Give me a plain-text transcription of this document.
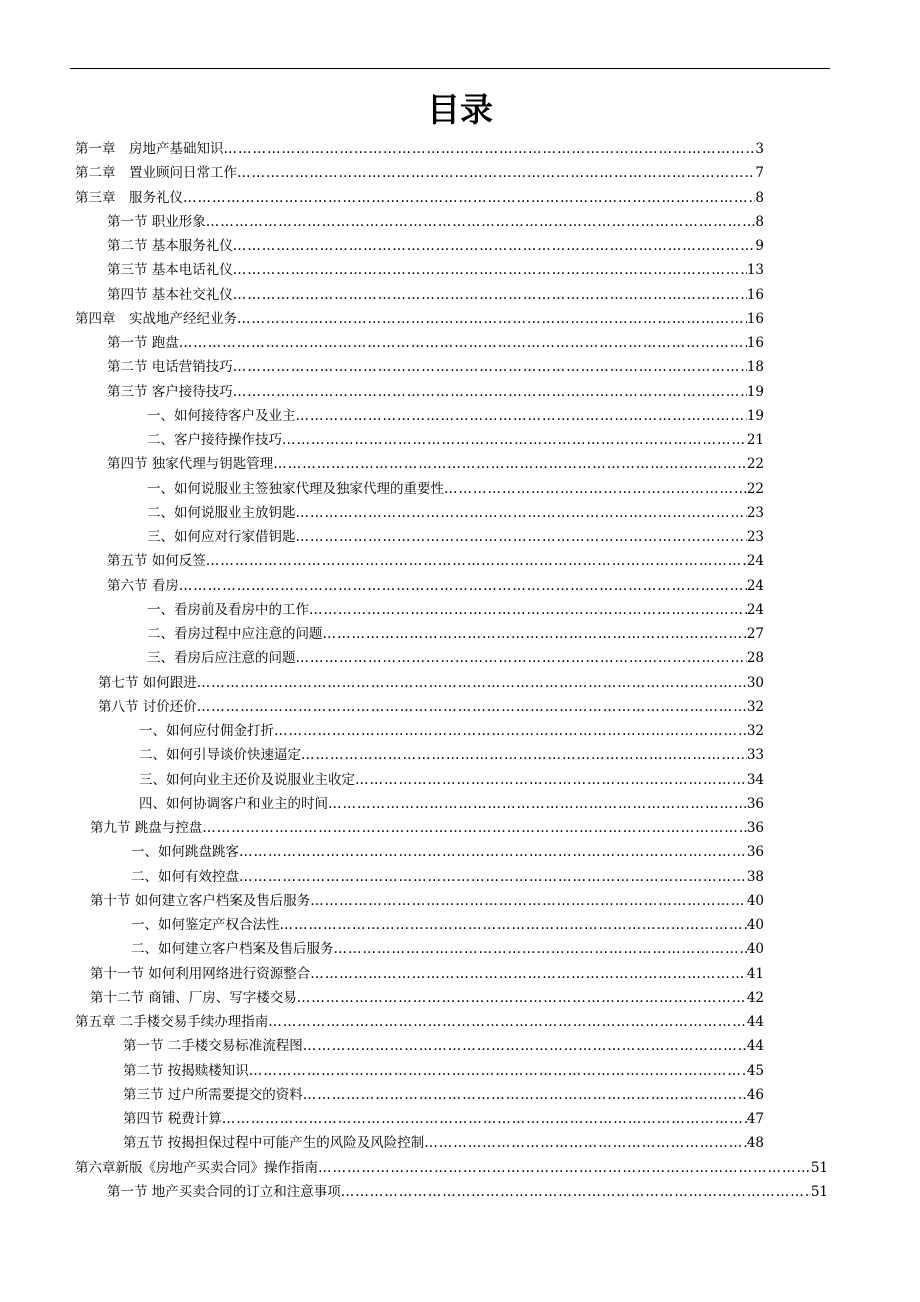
目录
第一章　房地产基础知识 ………………………………………………………………………………………………………………………………………………………………………………………………………………………………………………………………	3
第二章　置业顾问日常工作 ………………………………………………………………………………………………………………………………………………………………………………………………………………………………………………………………	7
第三章　服务礼仪 ………………………………………………………………………………………………………………………………………………………………………………………………………………………………………………………………	8
第一节 职业形象 ………………………………………………………………………………………………………………………………………………………………………………………………………………………………………………………………	8
第二节 基本服务礼仪 ………………………………………………………………………………………………………………………………………………………………………………………………………………………………………………………………	9
第三节 基本电话礼仪 ………………………………………………………………………………………………………………………………………………………………………………………………………………………………………………………………	13
第四节 基本社交礼仪 ………………………………………………………………………………………………………………………………………………………………………………………………………………………………………………………………	16
第四章　实战地产经纪业务 ………………………………………………………………………………………………………………………………………………………………………………………………………………………………………………………………	16
第一节 跑盘 ………………………………………………………………………………………………………………………………………………………………………………………………………………………………………………………………	16
第二节 电话营销技巧 ………………………………………………………………………………………………………………………………………………………………………………………………………………………………………………………………	18
第三节 客户接待技巧 ………………………………………………………………………………………………………………………………………………………………………………………………………………………………………………………………	19
一、如何接待客户及业主 ………………………………………………………………………………………………………………………………………………………………………………………………………………………………………………………………	19
二、客户接待操作技巧 ………………………………………………………………………………………………………………………………………………………………………………………………………………………………………………………………	21
第四节 独家代理与钥匙管理 ………………………………………………………………………………………………………………………………………………………………………………………………………………………………………………………………	22
一、如何说服业主签独家代理及独家代理的重要性 ………………………………………………………………………………………………………………………………………………………………………………………………………………………………………………………………	22
二、如何说服业主放钥匙 ………………………………………………………………………………………………………………………………………………………………………………………………………………………………………………………………	23
三、如何应对行家借钥匙 ………………………………………………………………………………………………………………………………………………………………………………………………………………………………………………………………	23
第五节 如何反签 ………………………………………………………………………………………………………………………………………………………………………………………………………………………………………………………………	24
第六节 看房 ………………………………………………………………………………………………………………………………………………………………………………………………………………………………………………………………	24
一、看房前及看房中的工作 ………………………………………………………………………………………………………………………………………………………………………………………………………………………………………………………………	24
二、看房过程中应注意的问题 ………………………………………………………………………………………………………………………………………………………………………………………………………………………………………………………………	27
三、看房后应注意的问题 ………………………………………………………………………………………………………………………………………………………………………………………………………………………………………………………………	28
第七节 如何跟进 ………………………………………………………………………………………………………………………………………………………………………………………………………………………………………………………………	30
第八节 讨价还价 ………………………………………………………………………………………………………………………………………………………………………………………………………………………………………………………………	32
一、如何应付佣金打折 ………………………………………………………………………………………………………………………………………………………………………………………………………………………………………………………………	32
二、如何引导谈价快速逼定 ………………………………………………………………………………………………………………………………………………………………………………………………………………………………………………………………	33
三、如何向业主还价及说服业主收定 ………………………………………………………………………………………………………………………………………………………………………………………………………………………………………………………………	34
四、如何协调客户和业主的时间 ………………………………………………………………………………………………………………………………………………………………………………………………………………………………………………………………	36
第九节 跳盘与控盘 ………………………………………………………………………………………………………………………………………………………………………………………………………………………………………………………………	36
一、如何跳盘跳客 ………………………………………………………………………………………………………………………………………………………………………………………………………………………………………………………………	36
二、如何有效控盘 ………………………………………………………………………………………………………………………………………………………………………………………………………………………………………………………………	38
第十节 如何建立客户档案及售后服务 ………………………………………………………………………………………………………………………………………………………………………………………………………………………………………………………………	40
一、如何鉴定产权合法性 ………………………………………………………………………………………………………………………………………………………………………………………………………………………………………………………………	40
二、如何建立客户档案及售后服务 ………………………………………………………………………………………………………………………………………………………………………………………………………………………………………………………………	40
第十一节 如何利用网络进行资源整合 ………………………………………………………………………………………………………………………………………………………………………………………………………………………………………………………………	41
第十二节 商铺、厂房、写字楼交易 ………………………………………………………………………………………………………………………………………………………………………………………………………………………………………………………………	42
第五章 二手楼交易手续办理指南 ………………………………………………………………………………………………………………………………………………………………………………………………………………………………………………………………	44
第一节 二手楼交易标准流程图 ………………………………………………………………………………………………………………………………………………………………………………………………………………………………………………………………	44
第二节 按揭赎楼知识 ………………………………………………………………………………………………………………………………………………………………………………………………………………………………………………………………	45
第三节 过户所需要提交的资料 ………………………………………………………………………………………………………………………………………………………………………………………………………………………………………………………………	46
第四节 税费计算 ………………………………………………………………………………………………………………………………………………………………………………………………………………………………………………………………	47
第五节 按揭担保过程中可能产生的风险及风险控制 ………………………………………………………………………………………………………………………………………………………………………………………………………………………………………………………………	48
第六章新版《房地产买卖合同》操作指南 ………………………………………………………………………………………………………………………………………………………………………………………………………………………………………………………………	51
第一节 地产买卖合同的订立和注意事项 ………………………………………………………………………………………………………………………………………………………………………………………………………………………………………………………………	51
